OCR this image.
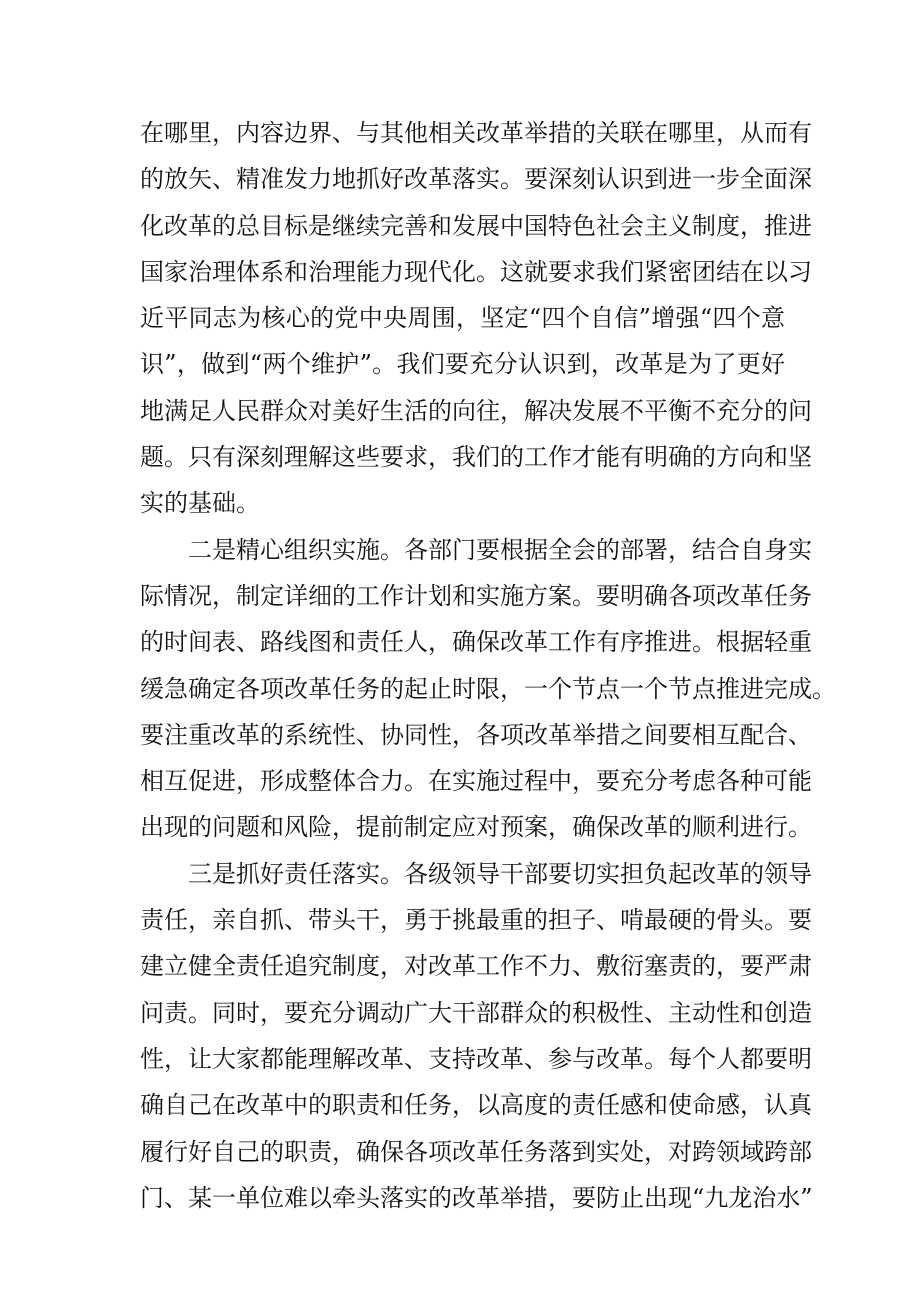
在哪里，内容边界、与其他相关改革举措的关联在哪里，从而有
的放矢、精准发力地抓好改革落实。要深刻认识到进一步全面深
化改革的总目标是继续完善和发展中国特色社会主义制度，推进
国家治理体系和治理能力现代化。这就要求我们紧密团结在以习
近平同志为核心的党中央周围，坚定“四个自信”增强“四个意
识”，做到“两个维护”。我们要充分认识到，改革是为了更好
地满足人民群众对美好生活的向往，解决发展不平衡不充分的问
题。只有深刻理解这些要求，我们的工作才能有明确的方向和坚
实的基础。
二是精心组织实施。各部门要根据全会的部署，结合自身实
际情况，制定详细的工作计划和实施方案。要明确各项改革任务
的时间表、路线图和责任人，确保改革工作有序推进。根据轻重
缓急确定各项改革任务的起止时限，一个节点一个节点推进完成。
要注重改革的系统性、协同性，各项改革举措之间要相互配合、
相互促进，形成整体合力。在实施过程中，要充分考虑各种可能
出现的问题和风险，提前制定应对预案，确保改革的顺利进行。
三是抓好责任落实。各级领导干部要切实担负起改革的领导
责任，亲自抓、带头干，勇于挑最重的担子、啃最硬的骨头。要
建立健全责任追究制度，对改革工作不力、敷衍塞责的，要严肃
问责。同时，要充分调动广大干部群众的积极性、主动性和创造
性，让大家都能理解改革、支持改革、参与改革。每个人都要明
确自己在改革中的职责和任务，以高度的责任感和使命感，认真
履行好自己的职责，确保各项改革任务落到实处，对跨领域跨部
门、某一单位难以牵头落实的改革举措，要防止出现“九龙治水”
